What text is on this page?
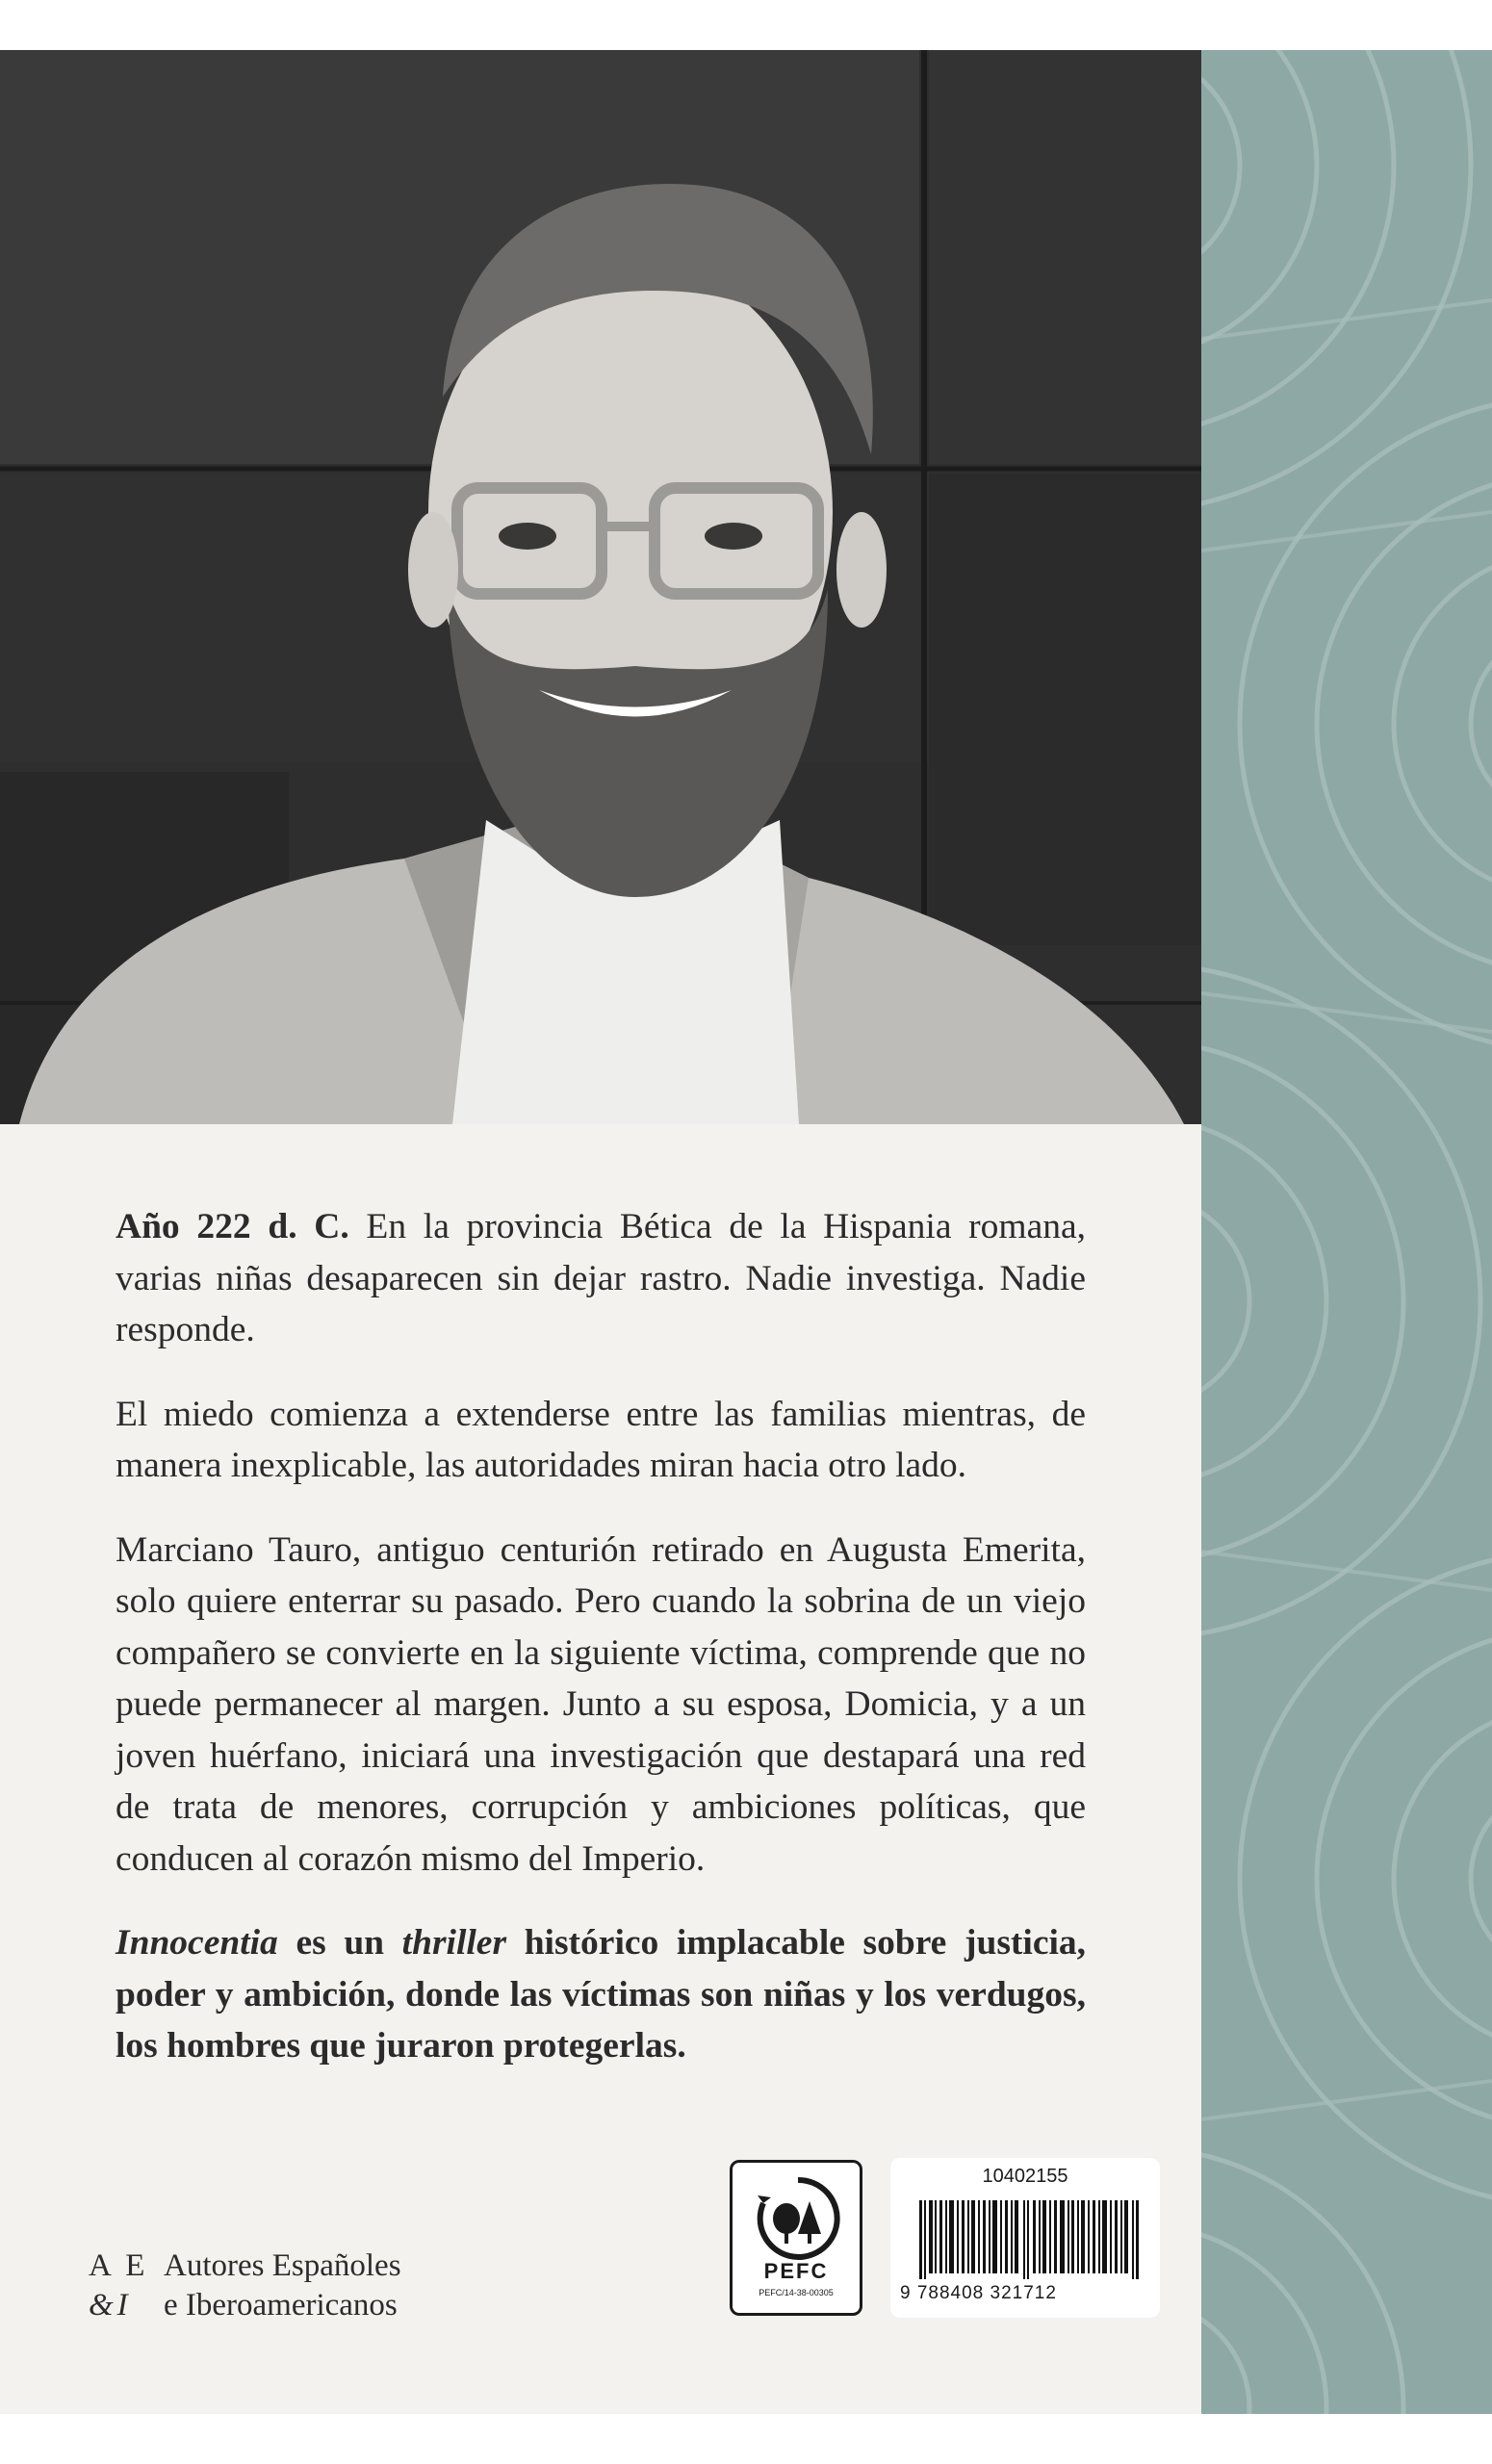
Año 222 d. C. En la provincia Bética de la Hispania romana, varias niñas desaparecen sin dejar rastro. Nadie investiga. Nadie responde.

El miedo comienza a extenderse entre las familias mientras, de manera inexplicable, las autoridades miran hacia otro lado.

Marciano Tauro, antiguo centurión retirado en Augusta Emerita, solo quiere enterrar su pasado. Pero cuando la sobrina de un viejo compañero se convierte en la siguiente víctima, comprende que no puede permanecer al margen. Junto a su esposa, Domicia, y a un joven huérfano, iniciará una investigación que destapará una red de trata de menores, corrupción y ambiciones políticas, que conducen al corazón mismo del Imperio.

Innocentia es un thriller histórico implacable sobre justicia, poder y ambición, donde las víctimas son niñas y los verdugos, los hombres que juraron protegerlas.

A E
&I
Autores Españoles
e Iberoamericanos
PEFC
PEFC/14-38-00305
10402155
9 788408 321712
